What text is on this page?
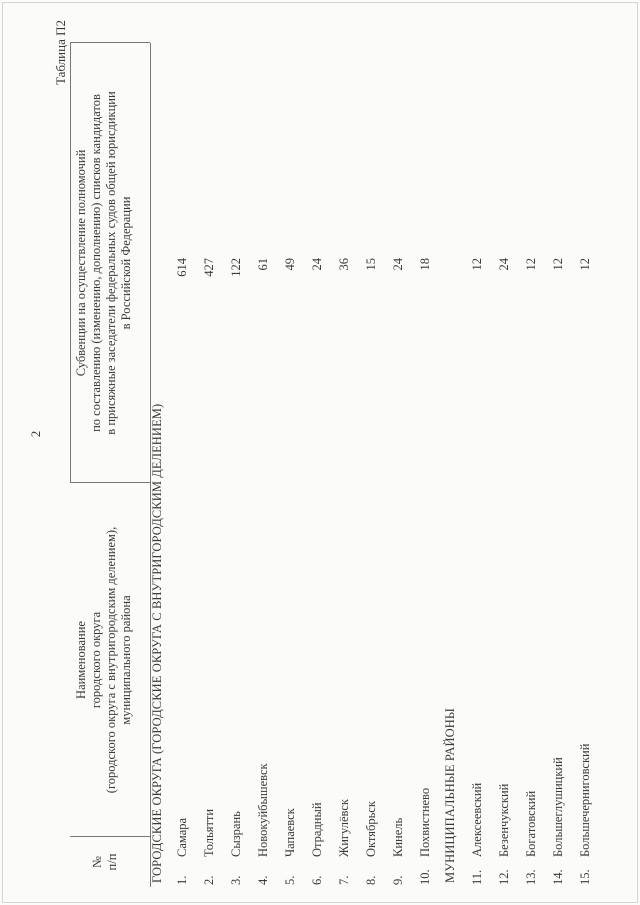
2
Таблица П2
№ п/п
Наименование городского округа (городского округа с внутригородским делением), муниципального района
Субвенции на осуществление полномочий по составлению (изменению, дополнению) списков кандидатов в присяжные заседатели федеральных судов общей юрисдикции в Российской Федерации
ГОРОДСКИЕ ОКРУГА (ГОРОДСКИЕ ОКРУГА С ВНУТРИГОРОДСКИМ ДЕЛЕНИЕМ) 1.
Самара
614
2.
Тольятти
427
3.
Сызрань
122
4.
Новокуйбышевск
61
5.
Чапаевск
49
6.
Отрадный
24
7.
Жигулёвск
36
8.
Октябрьск
15
9.
Кинель
24
10.
Похвистнево
18
МУНИЦИПАЛЬНЫЕ РАЙОНЫ 11.
Алексеевский
12
12.
Безенчукский
24
13.
Богатовский
12
14.
Большеглушицкий
12
15.
Большечерниговский
12
